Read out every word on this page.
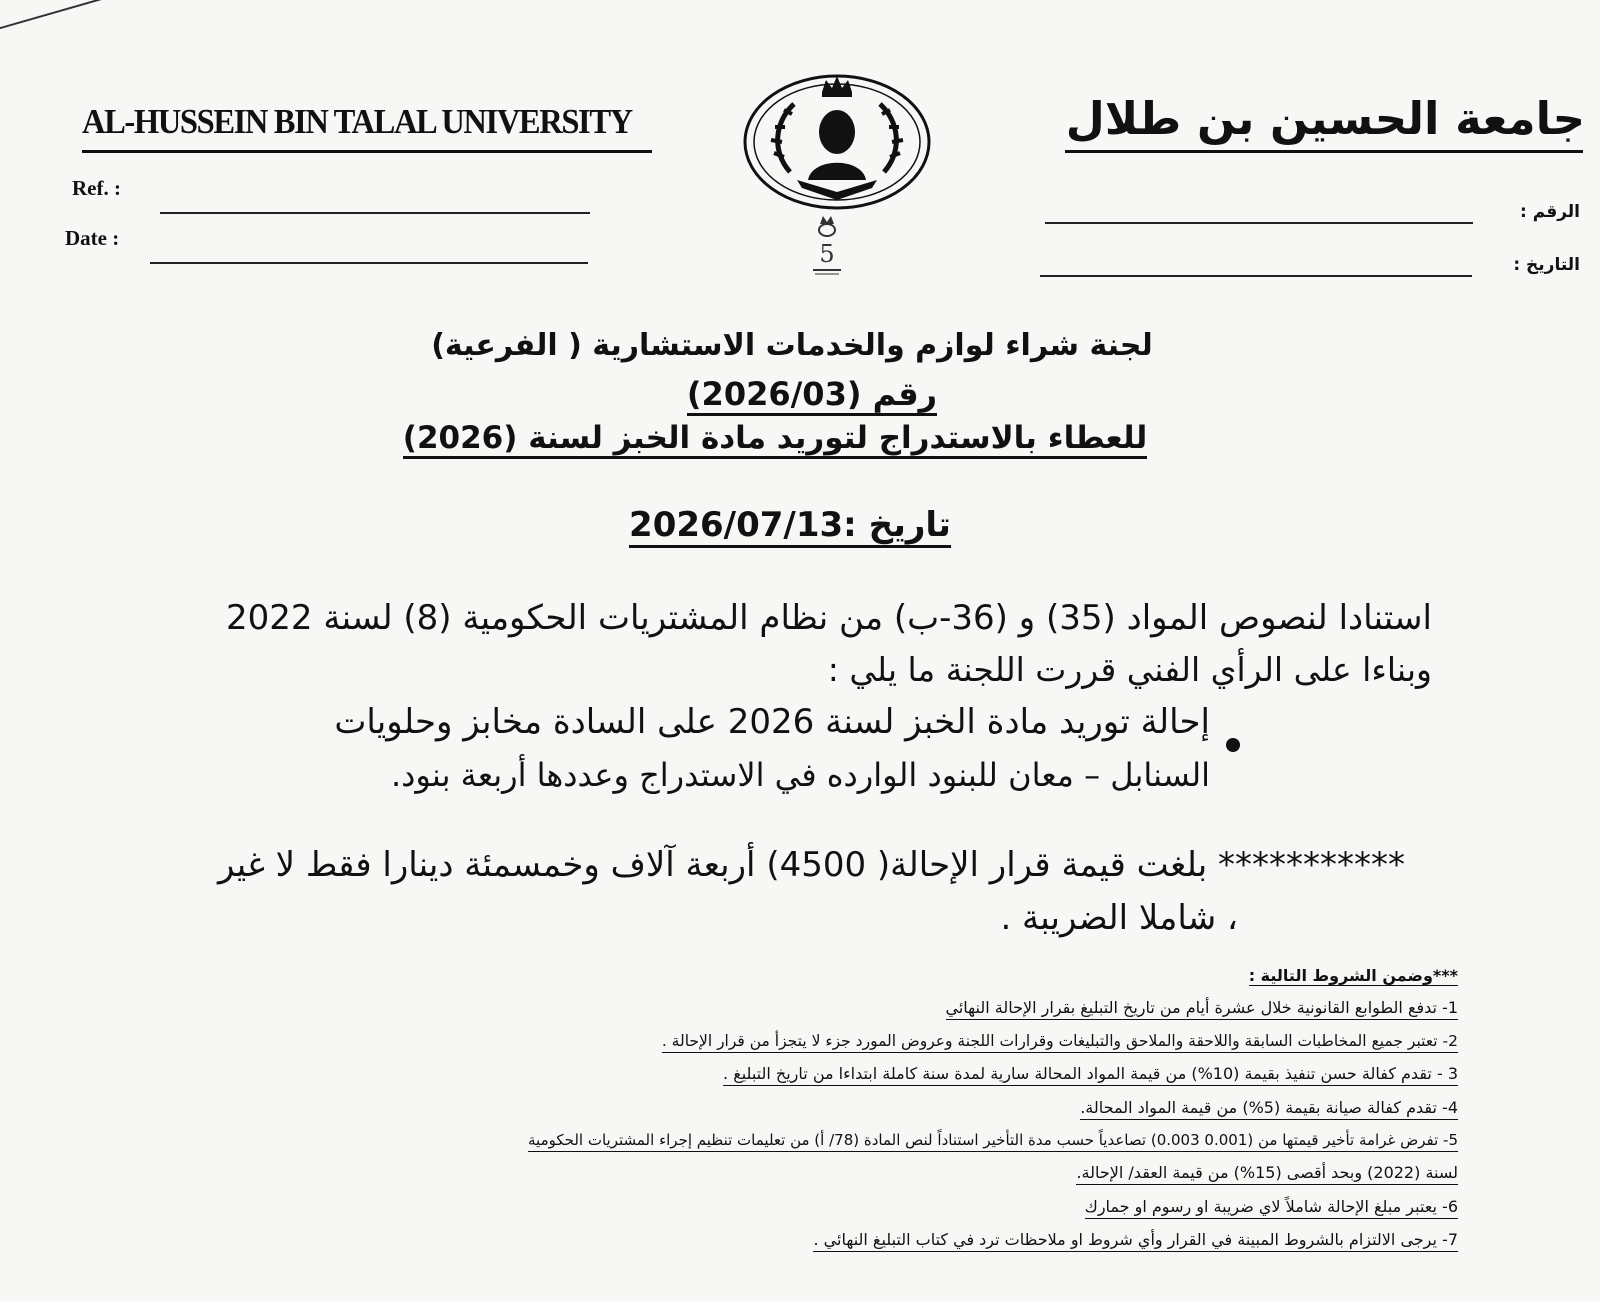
AL-HUSSEIN BIN TALAL UNIVERSITY	جامعة الحسين بن طلال
Ref. :
Date :
الرقم :
التاريخ :
5
لجنة شراء لوازم والخدمات الاستشارية ( الفرعية)
رقم (2026/03)
للعطاء بالاستدراج لتوريد مادة الخبز لسنة (2026)
تاريخ :2026/07/13
استنادا لنصوص المواد (35) و (36-ب) من نظام المشتريات الحكومية (8) لسنة 2022
وبناءا على الرأي الفني قررت اللجنة ما يلي :
إحالة توريد مادة الخبز لسنة 2026 على السادة مخابز وحلويات
السنابل – معان للبنود الوارده في الاستدراج وعددها أربعة بنود.
*********** بلغت قيمة قرار الإحالة( 4500) أربعة آلاف وخمسمئة دينارا فقط لا غير
، شاملا الضريبة .
***وضمن الشروط التالية :
1- تدفع الطوابع القانونية خلال عشرة أيام من تاريخ التبليغ بقرار الإحالة النهائي
2- تعتبر جميع المخاطبات السابقة واللاحقة والملاحق والتبليغات وقرارات اللجنة وعروض المورد جزء لا يتجزأ من قرار الإحالة .
3 - تقدم كفالة حسن تنفيذ بقيمة (10%) من قيمة المواد المحالة سارية لمدة سنة كاملة ابتداءا من تاريخ التبليغ .
4- تقدم كفالة صيانة بقيمة (5%) من قيمة المواد المحالة.
5- تفرض غرامة تأخير قيمتها من (0.001 0.003) تصاعدياً حسب مدة التأخير استناداً لنص المادة (78/ أ) من تعليمات تنظيم إجراء المشتريات الحكومية
لسنة (2022) وبحد أقصى (15%) من قيمة العقد/ الإحالة.
6- يعتبر مبلغ الإحالة شاملاً لاي ضريبة او رسوم او جمارك
7- يرجى الالتزام بالشروط المبينة في القرار وأي شروط او ملاحظات ترد في كتاب التبليغ النهائي .
